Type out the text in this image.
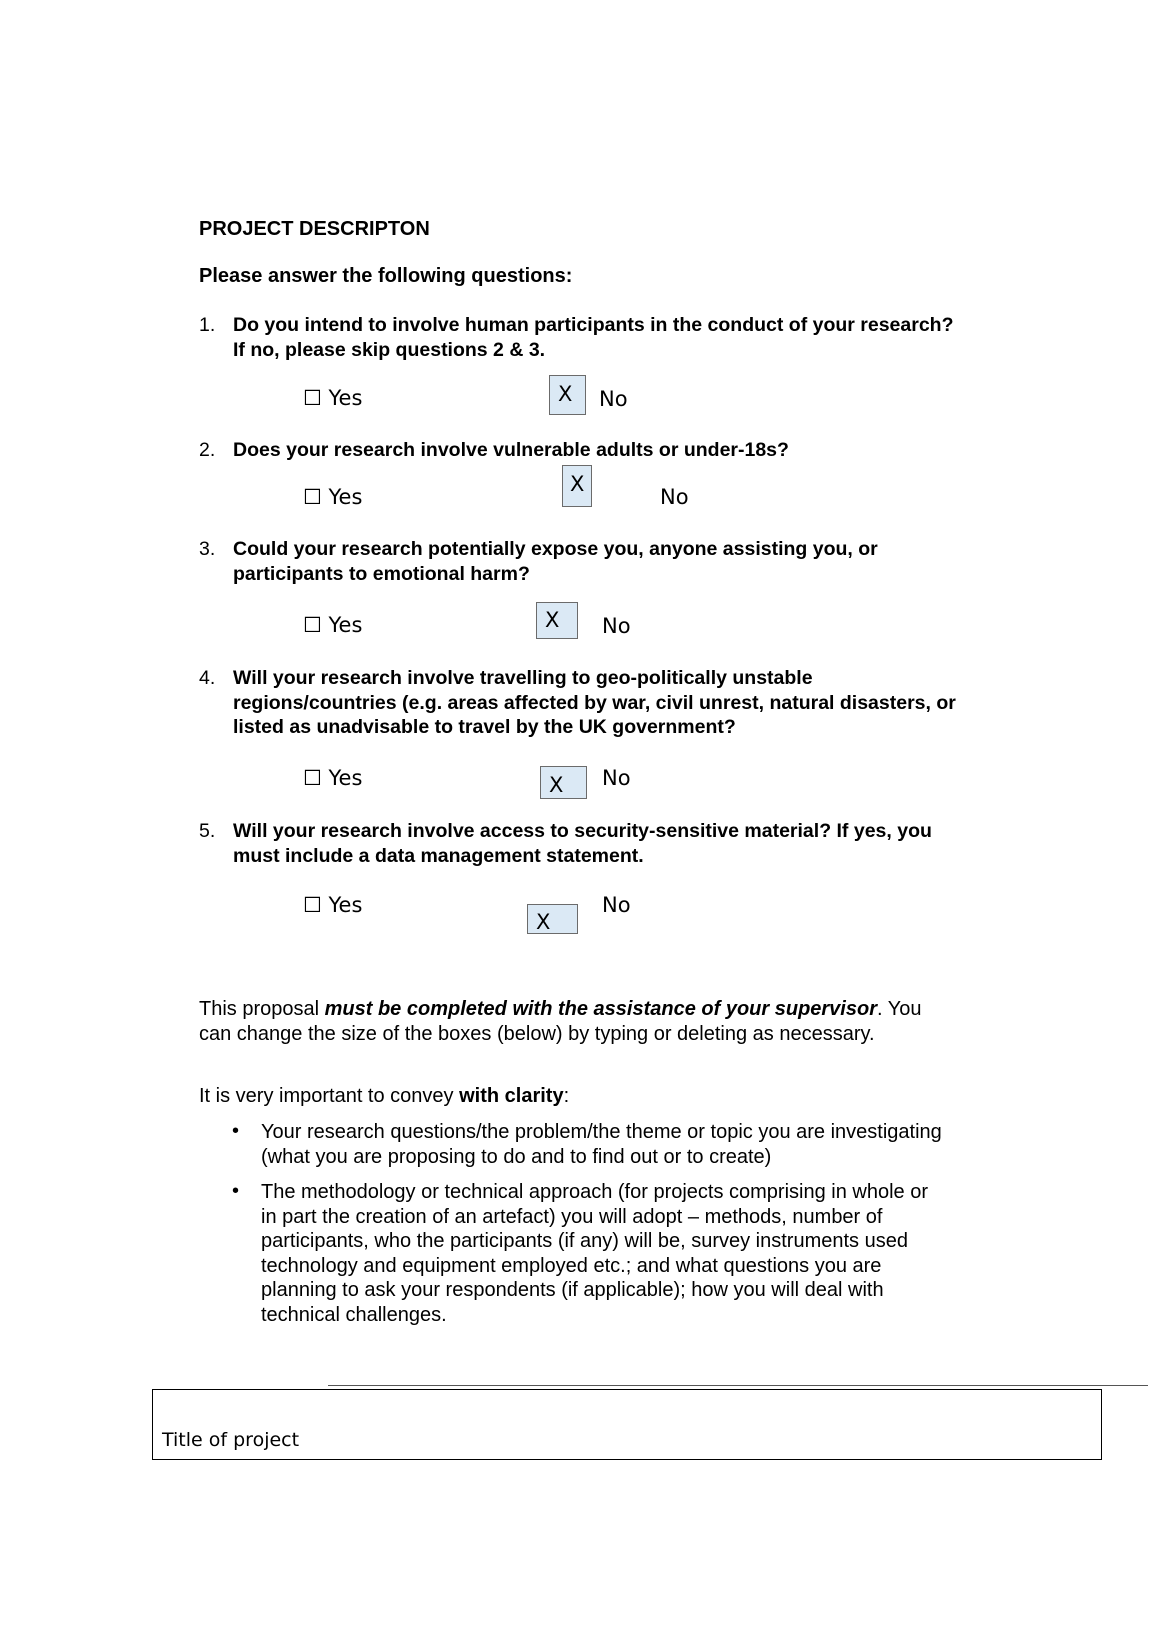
PROJECT DESCRIPTON
Please answer the following questions:
1. Do you intend to involve human participants in the conduct of your research?
If no, please skip questions 2 & 3.
☐ Yes	X	No
2. Does your research involve vulnerable adults or under-18s?
☐ Yes
X
No
3. Could your research potentially expose you, anyone assisting you, or
participants to emotional harm?
☐ Yes	X	No
4. Will your research involve travelling to geo-politically unstable
regions/countries (e.g. areas affected by war, civil unrest, natural disasters, or
listed as unadvisable to travel by the UK government?
☐ Yes	X	No
5. Will your research involve access to security-sensitive material? If yes, you
must include a data management statement.
☐ Yes
X
No
This proposal must be completed with the assistance of your supervisor. You
can change the size of the boxes (below) by typing or deleting as necessary.
It is very important to convey with clarity:
• Your research questions/the problem/the theme or topic you are investigating
(what you are proposing to do and to find out or to create)
• The methodology or technical approach (for projects comprising in whole or
in part the creation of an artefact) you will adopt – methods, number of
participants, who the participants (if any) will be, survey instruments used
technology and equipment employed etc.; and what questions you are
planning to ask your respondents (if applicable); how you will deal with
technical challenges.
Title of project
